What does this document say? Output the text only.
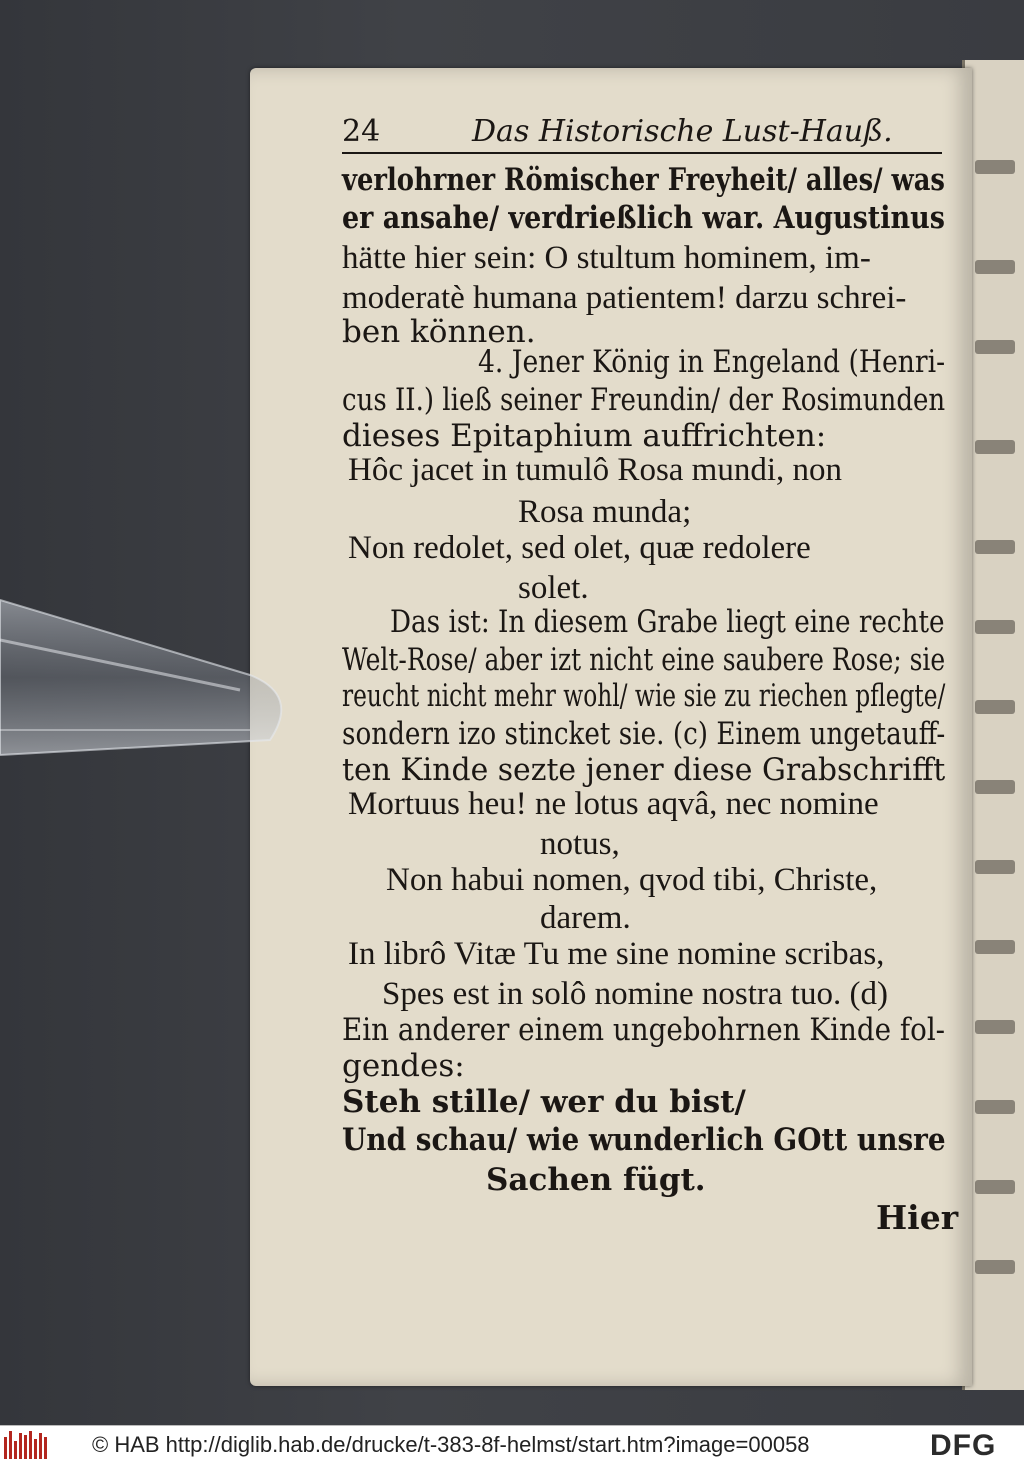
24	Das Historische Lust-Hauß.
verlohrner Römischer Freyheit/ alles/ was
er ansahe/ verdrießlich war. Augustinus
hätte hier sein: O stultum hominem, im-
moderatè humana patientem! darzu schrei-
ben können.
4. Jener König in Engeland (Henri-
cus II.) ließ seiner Freundin/ der Rosimunden
dieses Epitaphium auffrichten:
Hôc jacet in tumulô Rosa mundi, non
Rosa munda;
Non redolet, sed olet, quæ redolere
solet.
Das ist: In diesem Grabe liegt eine rechte
Welt-Rose/ aber izt nicht eine saubere Rose; sie
reucht nicht mehr wohl/ wie sie zu riechen pflegte/
sondern izo stincket sie. (c) Einem ungetauff-
ten Kinde sezte jener diese Grabschrifft
Mortuus heu! ne lotus aqvâ, nec nomine
notus,
Non habui nomen, qvod tibi, Christe,
darem.
In librô Vitæ Tu me sine nomine scribas,
Spes est in solô nomine nostra tuo. (d)
Ein anderer einem ungebohrnen Kinde fol-
gendes:
Steh stille/ wer du bist/
Und schau/ wie wunderlich GOtt unsre
Sachen fügt.
Hier
© HAB http://diglib.hab.de/drucke/t-383-8f-helmst/start.htm?image=00058	DFG
